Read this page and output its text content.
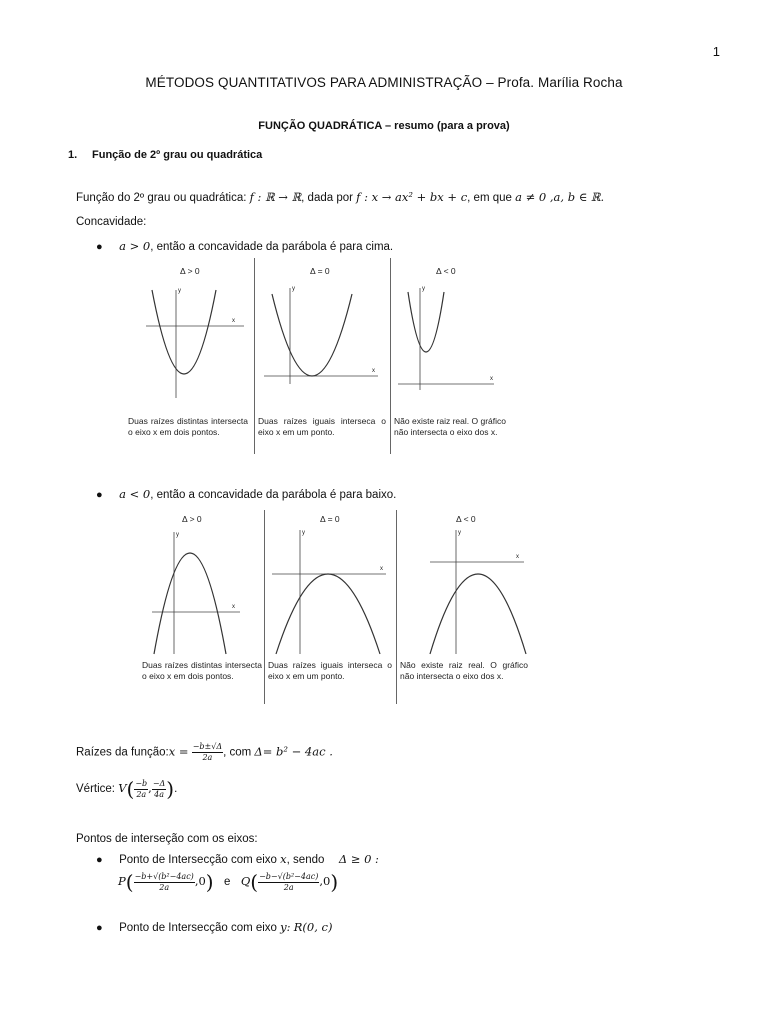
1
MÉTODOS QUANTITATIVOS PARA ADMINISTRAÇÃO – Profa. Marília Rocha
FUNÇÃO QUADRÁTICA – resumo (para a prova)
1. Função de 2º grau ou quadrática
Função do 2º grau ou quadrática: f : ℝ → ℝ, dada por f : x → ax² + bx + c, em que a ≠ 0 ,a, b ∈ ℝ.
Concavidade:
● a > 0, então a concavidade da parábola é para cima.
Δ > 0
x
y
Duas raízes distintas intersecta o eixo x em dois pontos.
Δ = 0
x
y
Duas raízes iguais intersecа o eixo x em um ponto.
Δ < 0
x
y
Não existe raiz real. O gráfico não intersecta o eixo dos x.
● a < 0, então a concavidade da parábola é para baixo.
Δ > 0
x
y
Duas raízes distintas intersecta o eixo x em dois pontos.
Δ = 0
x
y
Duas raízes iguais intersecа o eixo x em um ponto.
Δ < 0
x
y
Não existe raiz real. O gráfico não intersecta o eixo dos x.
Raízes da função:x = $\frac{-b\pm√\Delta}{2a}$ , com Δ= b² − 4ac .
Vértice: $V( \frac{-b}{2a}$ , $\frac{-\Delta}{4a}$ ).
Pontos de interseção com os eixos:
● Ponto de Intersecção com eixo x, sendo Δ ≥ 0 :
$P( \frac{\text{−b+√(b²−4ac)}}{2a} ,0)$ e $Q( \frac{\text{−b−√(b²−4ac)}}{2a} ,0)$
● Ponto de Intersecção com eixo y: R(0, c)
